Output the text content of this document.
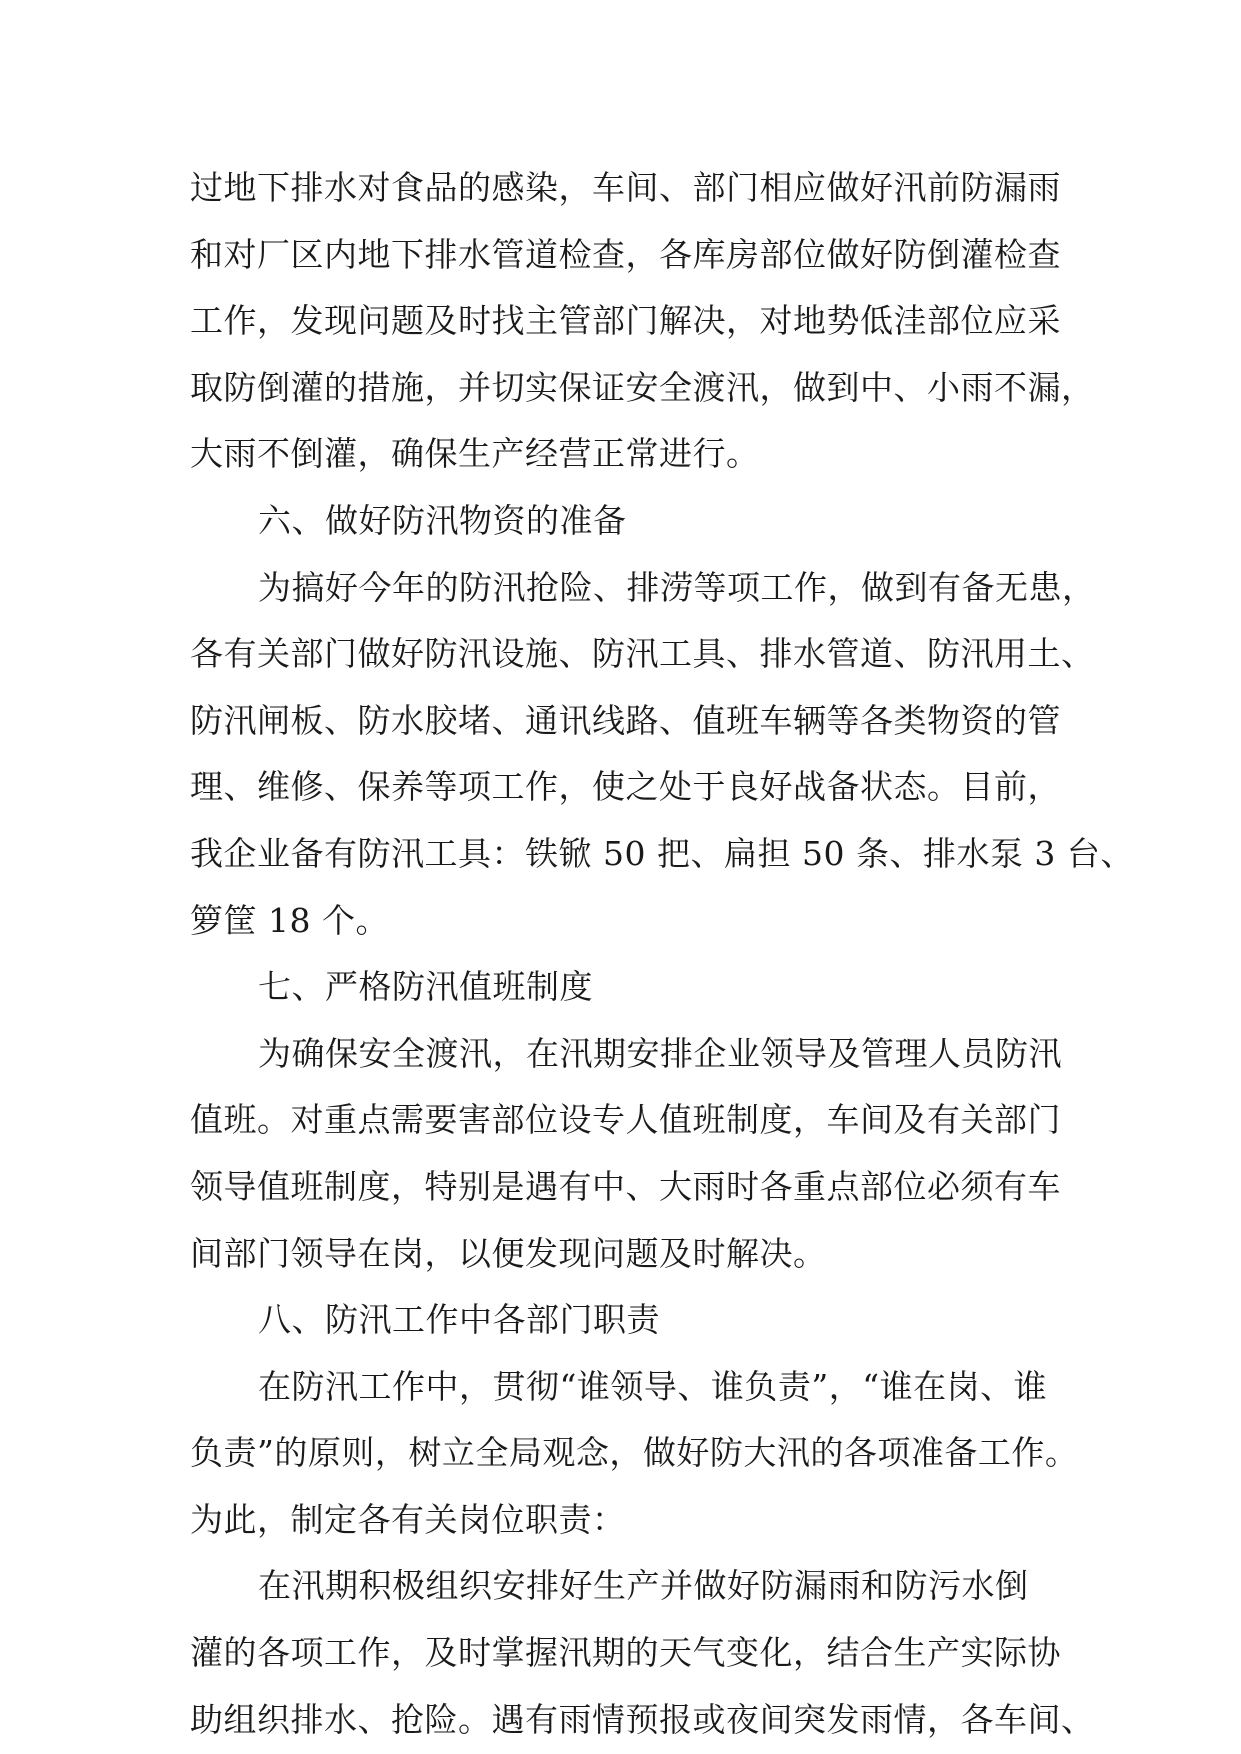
过地下排水对食品的感染，车间、部门相应做好汛前防漏雨
和对厂区内地下排水管道检查，各库房部位做好防倒灌检查
工作，发现问题及时找主管部门解决，对地势低洼部位应采
取防倒灌的措施，并切实保证安全渡汛，做到中、小雨不漏，
大雨不倒灌，确保生产经营正常进行。
六、做好防汛物资的准备
为搞好今年的防汛抢险、排涝等项工作，做到有备无患，
各有关部门做好防汛设施、防汛工具、排水管道、防汛用土、
防汛闸板、防水胶堵、通讯线路、值班车辆等各类物资的管
理、维修、保养等项工作，使之处于良好战备状态。目前，
我企业备有防汛工具：铁锨 50 把、扁担 50 条、排水泵 3 台、
箩筐 18 个。
七、严格防汛值班制度
为确保安全渡汛，在汛期安排企业领导及管理人员防汛
值班。对重点需要害部位设专人值班制度，车间及有关部门
领导值班制度，特别是遇有中、大雨时各重点部位必须有车
间部门领导在岗，以便发现问题及时解决。
八、防汛工作中各部门职责
在防汛工作中，贯彻“谁领导、谁负责”，“谁在岗、谁
负责”的原则，树立全局观念，做好防大汛的各项准备工作。
为此，制定各有关岗位职责：
在汛期积极组织安排好生产并做好防漏雨和防污水倒
灌的各项工作，及时掌握汛期的天气变化，结合生产实际协
助组织排水、抢险。遇有雨情预报或夜间突发雨情，各车间、
